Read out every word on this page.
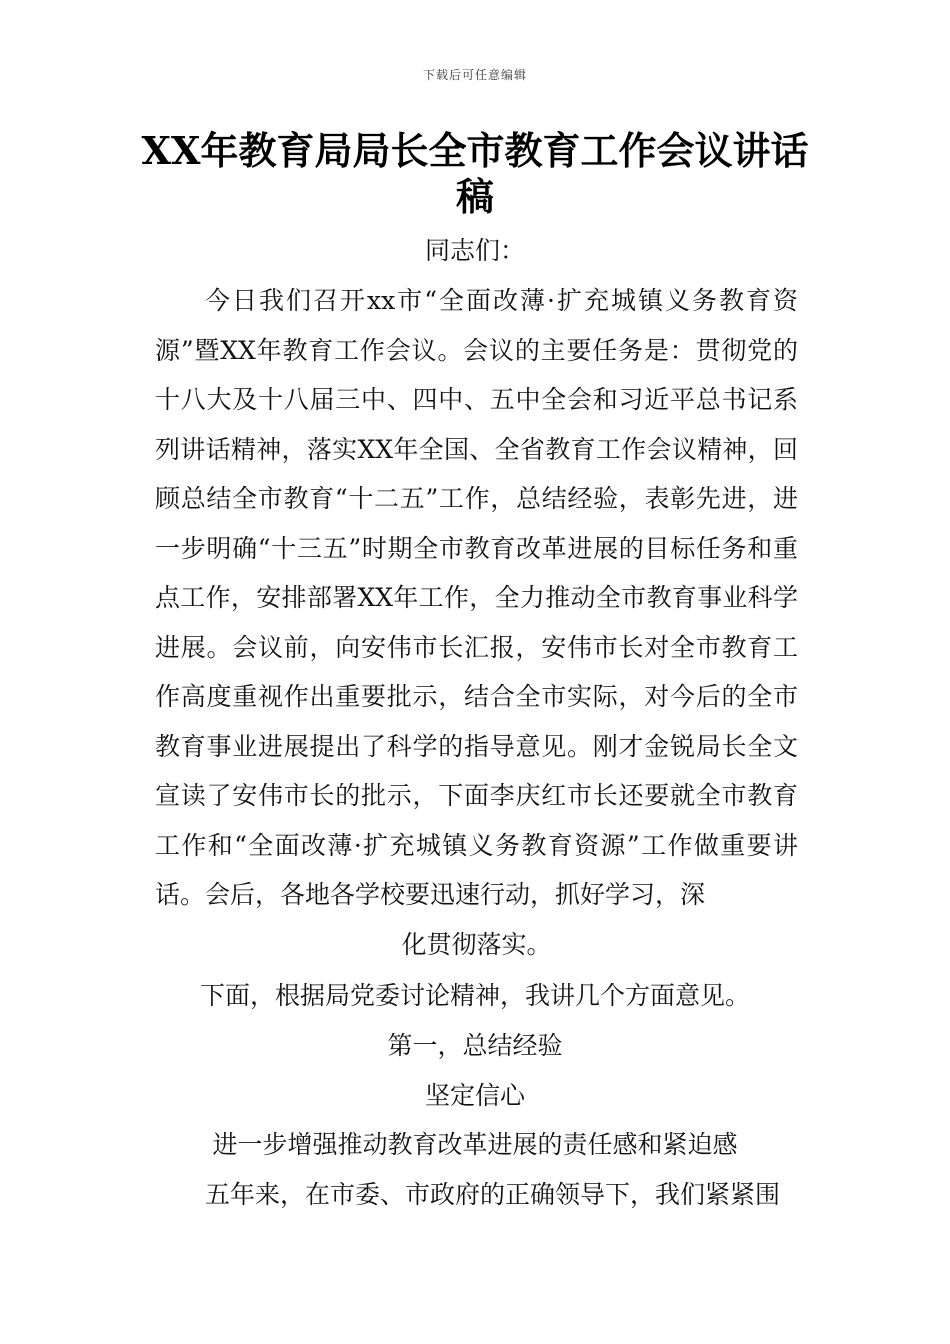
下载后可任意编辑
XX年教育局局长全市教育工作会议讲话稿
同志们：
今日我们召开xx市“全面改薄·扩充城镇义务教育资源”暨XX年教育工作会议。会议的主要任务是：贯彻党的十八大及十八届三中、四中、五中全会和习近平总书记系列讲话精神，落实XX年全国、全省教育工作会议精神，回顾总结全市教育“十二五”工作，总结经验，表彰先进，进一步明确“十三五”时期全市教育改革进展的目标任务和重点工作，安排部署XX年工作，全力推动全市教育事业科学进展。会议前，向安伟市长汇报，安伟市长对全市教育工作高度重视作出重要批示，结合全市实际，对今后的全市教育事业进展提出了科学的指导意见。刚才金锐局长全文宣读了安伟市长的批示，下面李庆红市长还要就全市教育工作和“全面改薄·扩充城镇义务教育资源”工作做重要讲话。会后，各地各学校要迅速行动，抓好学习，深
化贯彻落实。
下面，根据局党委讨论精神，我讲几个方面意见。
第一，总结经验
坚定信心
进一步增强推动教育改革进展的责任感和紧迫感
五年来，在市委、市政府的正确领导下，我们紧紧围
